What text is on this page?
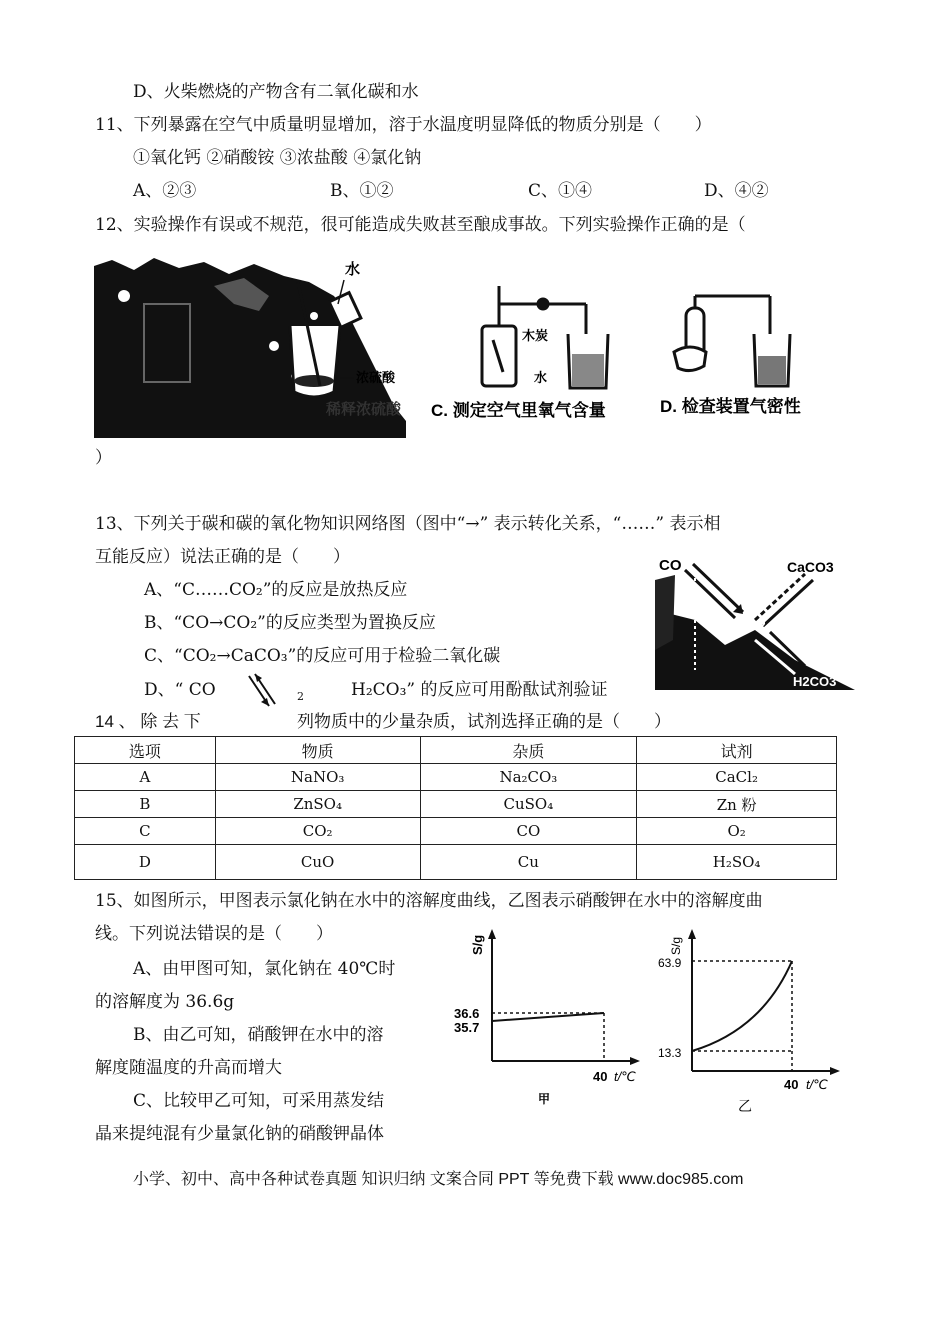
D、火柴燃烧的产物含有二氧化碳和水
11、下列暴露在空气中质量明显增加，溶于水温度明显降低的物质分别是（　　）
①氧化钙 ②硝酸铵 ③浓盐酸 ④氯化钠
A、②③	B、①②	C、①④	D、④②
12、实验操作有误或不规范，很可能造成失败甚至酿成事故。下列实验操作正确的是（
水
浓硫酸
稀释浓硫酸
木炭
水
C. 测定空气里氧气含量	D. 检查装置气密性
）
13、下列关于碳和碳的氧化物知识网络图（图中“→” 表示转化关系，“……” 表示相
互能反应）说法正确的是（　　）
A、“C……CO₂”的反应是放热反应
B、“CO→CO₂”的反应类型为置换反应
C、“CO₂→CaCO₃”的反应可用于检验二氧化碳
D、“ CO	2	H₂CO₃” 的反应可用酚酞试剂验证
CO	CaCO3
CO2
H2CO3
14 、 除 去 下	列物质中的少量杂质，试剂选择正确的是（　　）
选项	物质	杂质	试剂
A	NaNO₃	Na₂CO₃	CaCl₂
B	ZnSO₄	CuSO₄	Zn 粉
C	CO₂	CO	O₂
D	CuO	Cu	H₂SO₄
15、如图所示，甲图表示氯化钠在水中的溶解度曲线，乙图表示硝酸钾在水中的溶解度曲
线。下列说法错误的是（　　）
A、由甲图可知，氯化钠在 40℃时
的溶解度为 36.6g
B、由乙可知，硝酸钾在水中的溶
解度随温度的升高而增大
C、比较甲乙可知，可采用蒸发结
晶来提纯混有少量氯化钠的硝酸钾晶体
S/g
36.6
35.7
40 t/℃
甲
S/g
63.9
13.3
40 t/℃
乙
小学、初中、高中各种试卷真题 知识归纳 文案合同 PPT 等免费下载 www.doc985.com
